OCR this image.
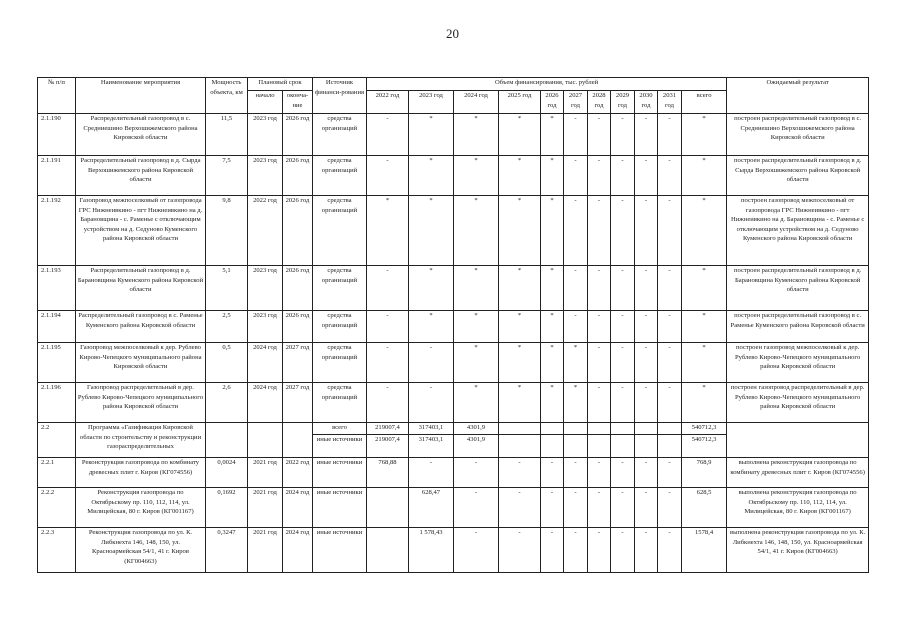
20
№ п/п	Наименование мероприятия	Мощность объекта, км	Плановый срок		Источник финанси-рования	Объем финансирования, тыс. рублей											Ожидаемый результат
			начало	оконча-ние		2022 год	2023 год	2024 год	2025 год	2026 год	2027 год	2028 год	2029 год	2030 год	2031 год	всего	
2.1.190	Распределительный газопровод в с. Средниешино Верхошижемского района Кировской области	11,5	2023 год	2026 год	средства организаций	-	*	*	*	*	-	-	-	-	-	*	построен распределительный газопровод в с. Средниешино Верхошижемского района Кировской области
2.1.191	Распределительный газопровод в д. Сырда Верхошижемского района Кировской области	7,5	2023 год	2026 год	средства организаций	-	*	*	*	*	-	-	-	-	-	*	построен распределительный газопровод в д. Сырда Верхошижемского района Кировской области
2.1.192	Газопровод межпоселковый от газопровода ГРС Нижнеивкино - пгт Нижнеивкино на д. Барановщина - с. Раменье с отключающим устройством на д. Седуново Куменского района Кировской области	9,8	2022 год	2026 год	средства организаций	*	*	*	*	*	-	-	-	-	-	*	построен газопровод межпоселковый от газопровода ГРС Нижнеивкино - пгт Нижнеивкино на д. Барановщина - с. Раменье с отключающим устройством на д. Седуново Куменского района Кировской области
2.1.193	Распределительный газопровод в д. Барановщина Куменского района Кировской области	5,1	2023 год	2026 год	средства организаций	-	*	*	*	*	-	-	-	-	-	*	построен распределительный газопровод в д. Барановщина Куменского района Кировской области
2.1.194	Распределительный газопровод в с. Раменье Куменского района Кировской области	2,5	2023 год	2026 год	средства организаций	-	*	*	*	*	-	-	-	-	-	*	построен распределительный газопровод в с. Раменье Куменского района Кировской области
2.1.195	Газопровод межпоселковый к дер. Рублево Кирово-Чепецкого муниципального района Кировской области	0,5	2024 год	2027 год	средства организаций	-	-	*	*	*	*	-	-	-	-	*	построен газопровод межпоселковый к дер. Рублево Кирово-Чепецкого муниципального района Кировской области
2.1.196	Газопровод распределительный в дер. Рублево Кирово-Чепецкого муниципального района Кировской области	2,6	2024 год	2027 год	средства организаций	-	-	*	*	*	*	-	-	-	-	*	построен газопровод распределительный в дер. Рублево Кирово-Чепецкого муниципального района Кировской области
2.2	Программа «Газификация Кировской области по строительству и реконструкции газораспределительных				всего	219007,4	317403,1	4301,9								540712,3	
					иные источники	219007,4	317403,1	4301,9								540712,3	
2.2.1	Реконструкция газопровода по комбинату древесных плит г. Киров (КГ074556)	0,0024	2021 год	2022 год	иные источники	768,88	-	-	-	-	-	-	-	-	-	768,9	выполнена реконструкция газопровода по комбинату древесных плит г. Киров (КГ074556)
2.2.2	Реконструкция газопровода по Октябрьскому пр. 110, 112, 114, ул. Милицейская, 80 г. Киров (КГ001167)	0,1692	2021 год	2024 год	иные источники		628,47	-	-	-	-	-	-	-	-	628,5	выполнена реконструкция газопровода по Октябрьскому пр. 110, 112, 114, ул. Милицейская, 80 г. Киров (КГ001167)
2.2.3	Реконструкция газопровода по ул. К. Либкнехта 146, 148, 150, ул. Красноармейская 54/1, 41 г. Киров (КГ004663)	0,3247	2021 год	2024 год	иные источники		1 578,43	-	-	-	-	-	-	-	-	1578,4	выполнена реконструкция газопровода по ул. К. Либкнехта 146, 148, 150, ул. Красноармейская 54/1, 41 г. Киров (КГ004663)
